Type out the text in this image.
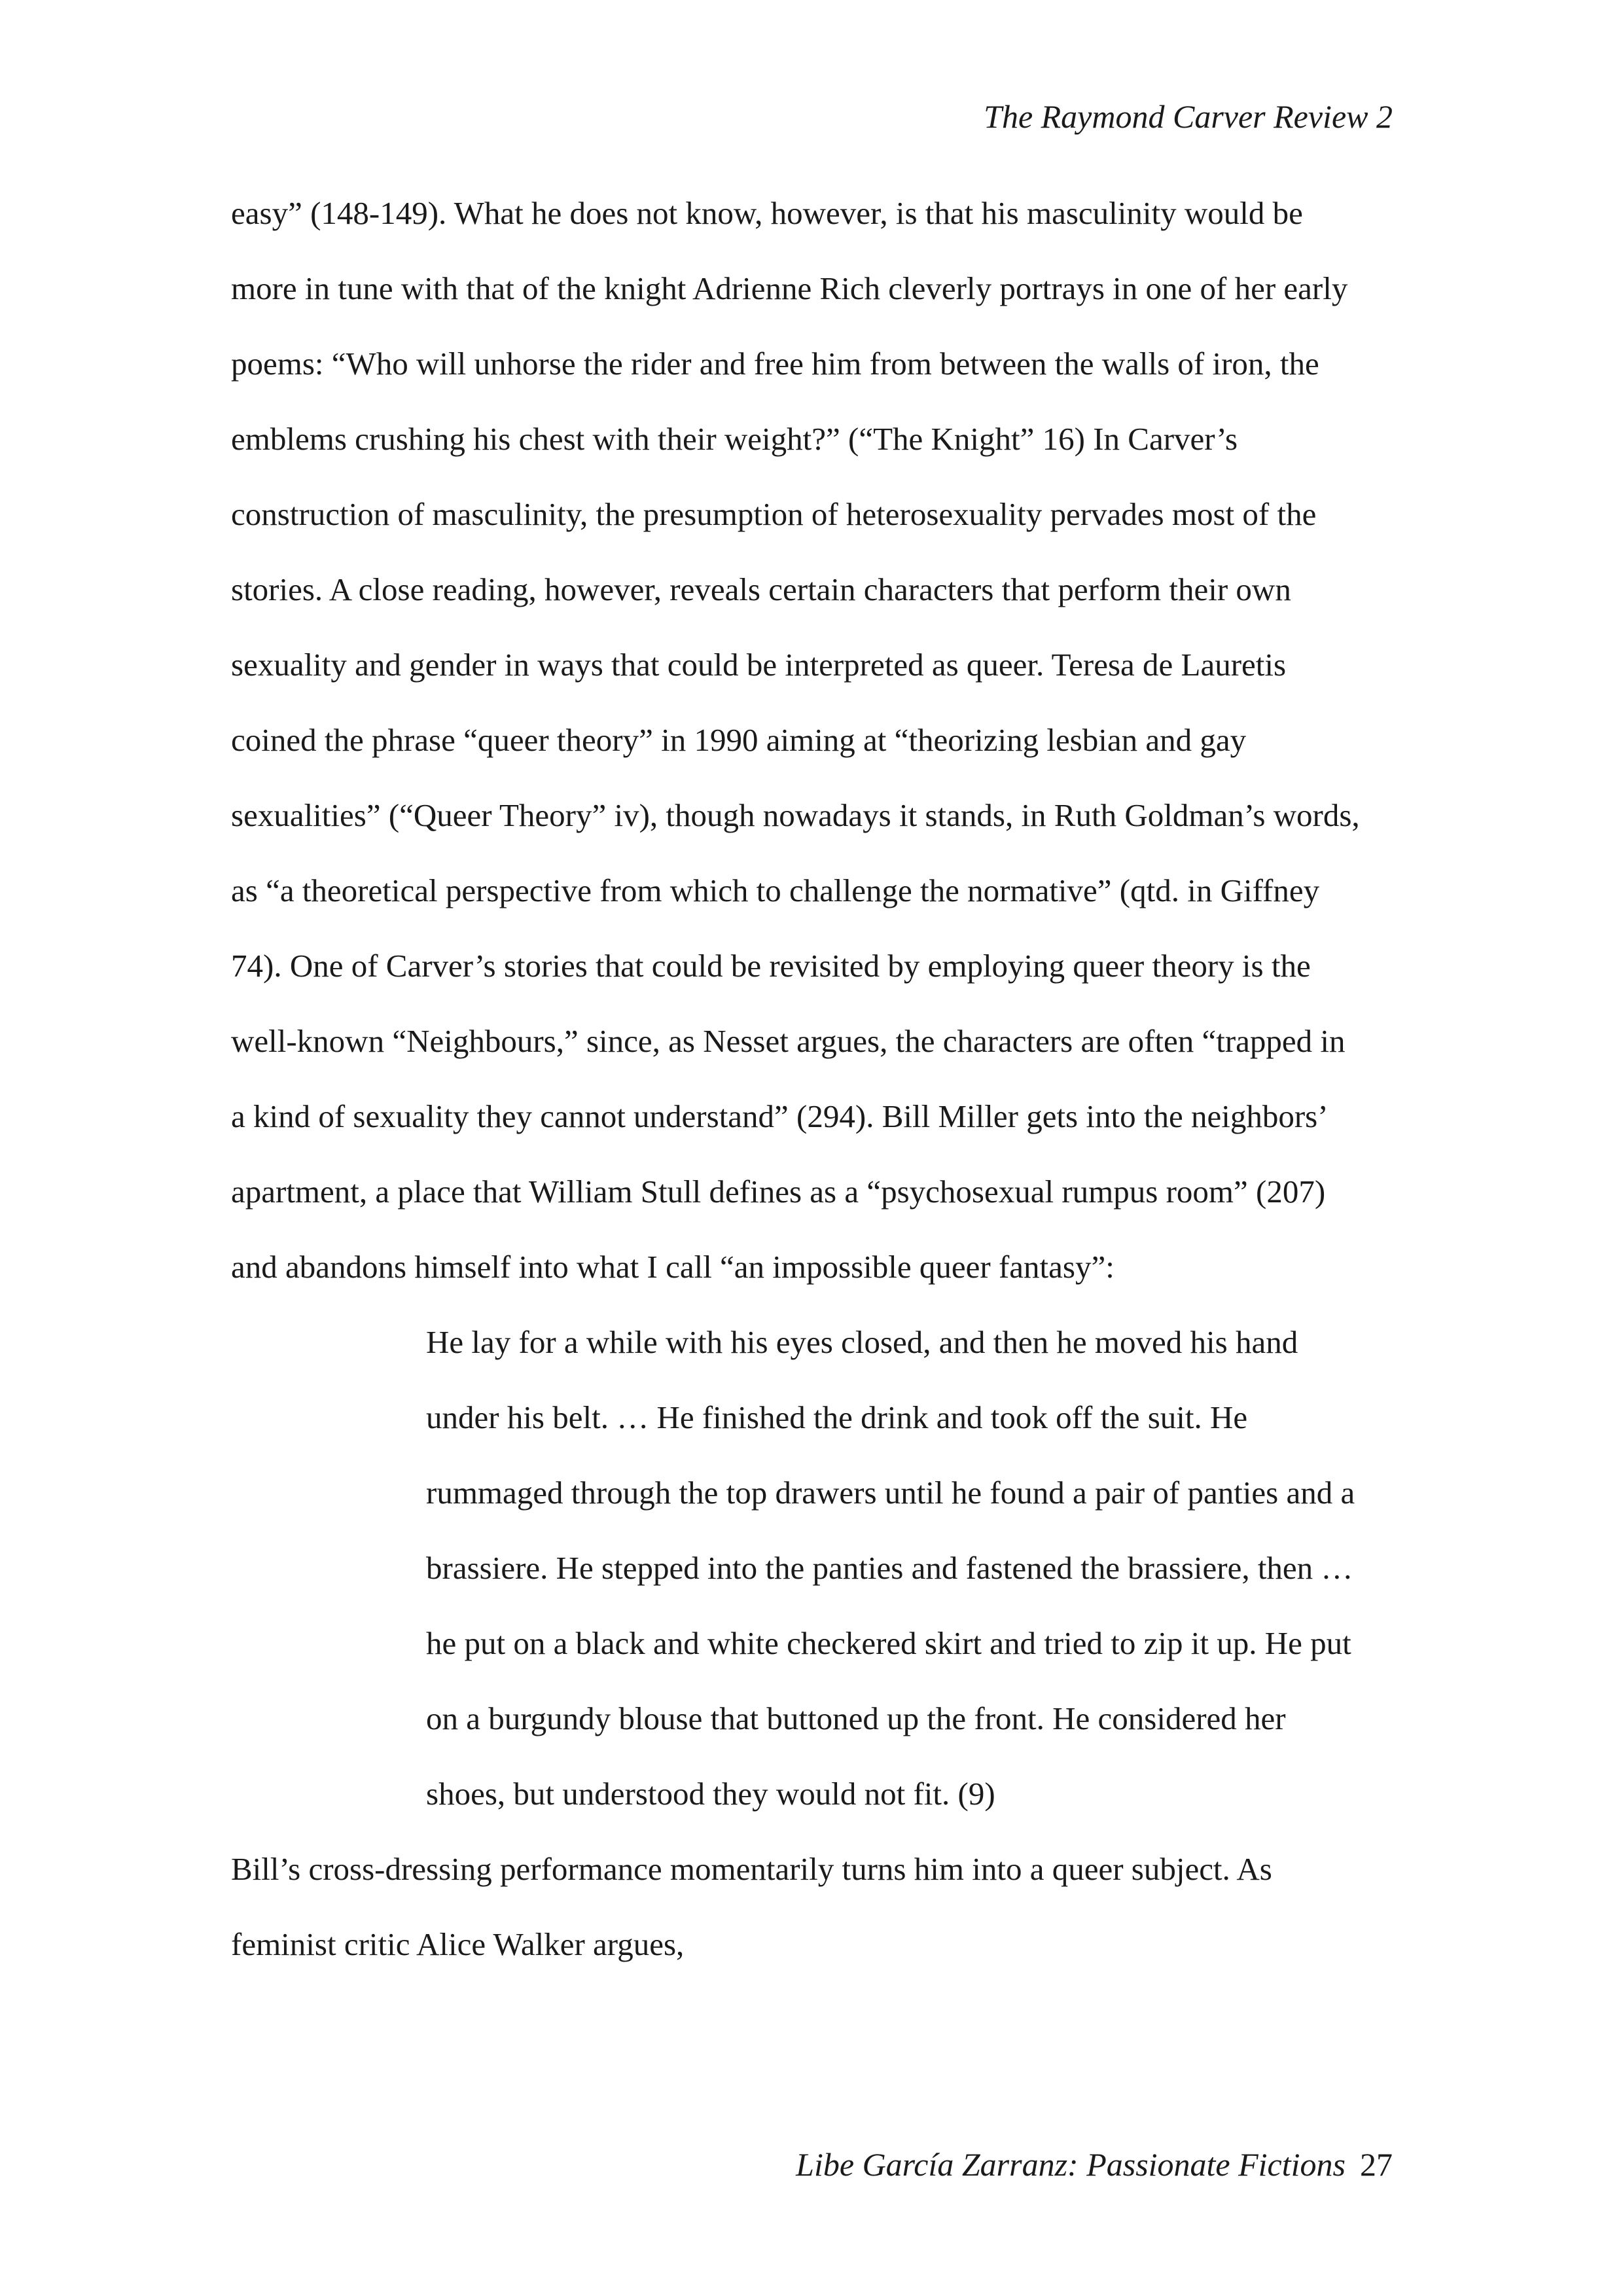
The Raymond Carver Review 2
easy” (148-149). What he does not know, however, is that his masculinity would be
more in tune with that of the knight Adrienne Rich cleverly portrays in one of her early
poems: “Who will unhorse the rider and free him from between the walls of iron, the
emblems crushing his chest with their weight?” (“The Knight” 16) In Carver’s
construction of masculinity, the presumption of heterosexuality pervades most of the
stories. A close reading, however, reveals certain characters that perform their own
sexuality and gender in ways that could be interpreted as queer. Teresa de Lauretis
coined the phrase “queer theory” in 1990 aiming at “theorizing lesbian and gay
sexualities” (“Queer Theory” iv), though nowadays it stands, in Ruth Goldman’s words,
as “a theoretical perspective from which to challenge the normative” (qtd. in Giffney
74). One of Carver’s stories that could be revisited by employing queer theory is the
well-known “Neighbours,” since, as Nesset argues, the characters are often “trapped in
a kind of sexuality they cannot understand” (294). Bill Miller gets into the neighbors’
apartment, a place that William Stull defines as a “psychosexual rumpus room” (207)
and abandons himself into what I call “an impossible queer fantasy”:
He lay for a while with his eyes closed, and then he moved his hand
under his belt. … He finished the drink and took off the suit. He
rummaged through the top drawers until he found a pair of panties and a
brassiere. He stepped into the panties and fastened the brassiere, then …
he put on a black and white checkered skirt and tried to zip it up. He put
on a burgundy blouse that buttoned up the front. He considered her
shoes, but understood they would not fit. (9)
Bill’s cross-dressing performance momentarily turns him into a queer subject. As
feminist critic Alice Walker argues,
Libe García Zarranz: Passionate Fictions 27
